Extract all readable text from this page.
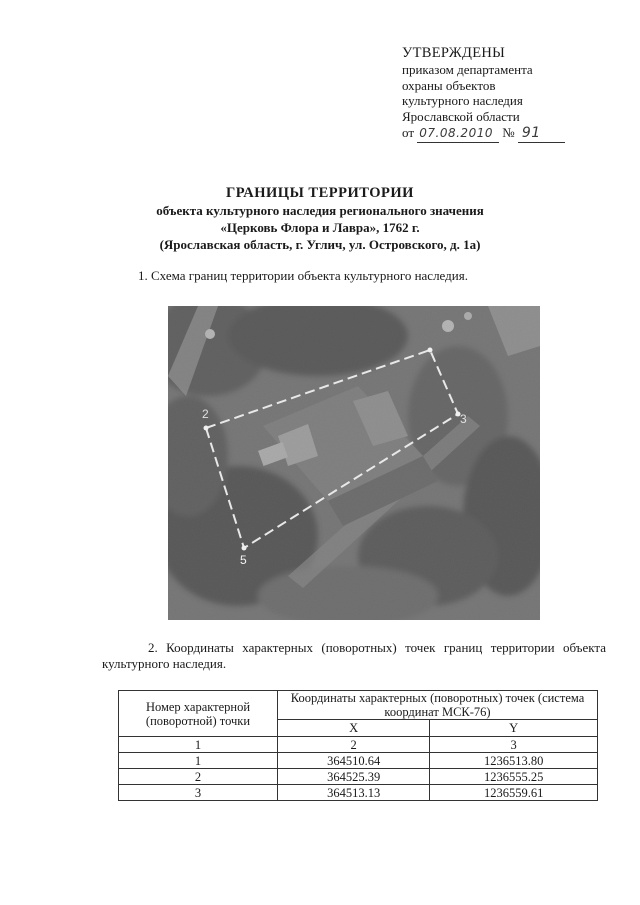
УТВЕРЖДЕНЫ
приказом департамента
охраны объектов
культурного наследия
Ярославской области
от 07.08.2010 № 91
ГРАНИЦЫ ТЕРРИТОРИИ
объекта культурного наследия регионального значения
«Церковь Флора и Лавра», 1762 г.
(Ярославская область, г. Углич, ул. Островского, д. 1а)
1. Схема границ территории объекта культурного наследия.
2	3
5
2. Координаты характерных (поворотных) точек границ территории объекта культурного наследия.
Номер характерной (поворотной) точки	Координаты характерных (поворотных) точек (система координат МСК-76)	
	X	Y
1	2	3
1	364510.64	1236513.80
2	364525.39	1236555.25
3	364513.13	1236559.61
